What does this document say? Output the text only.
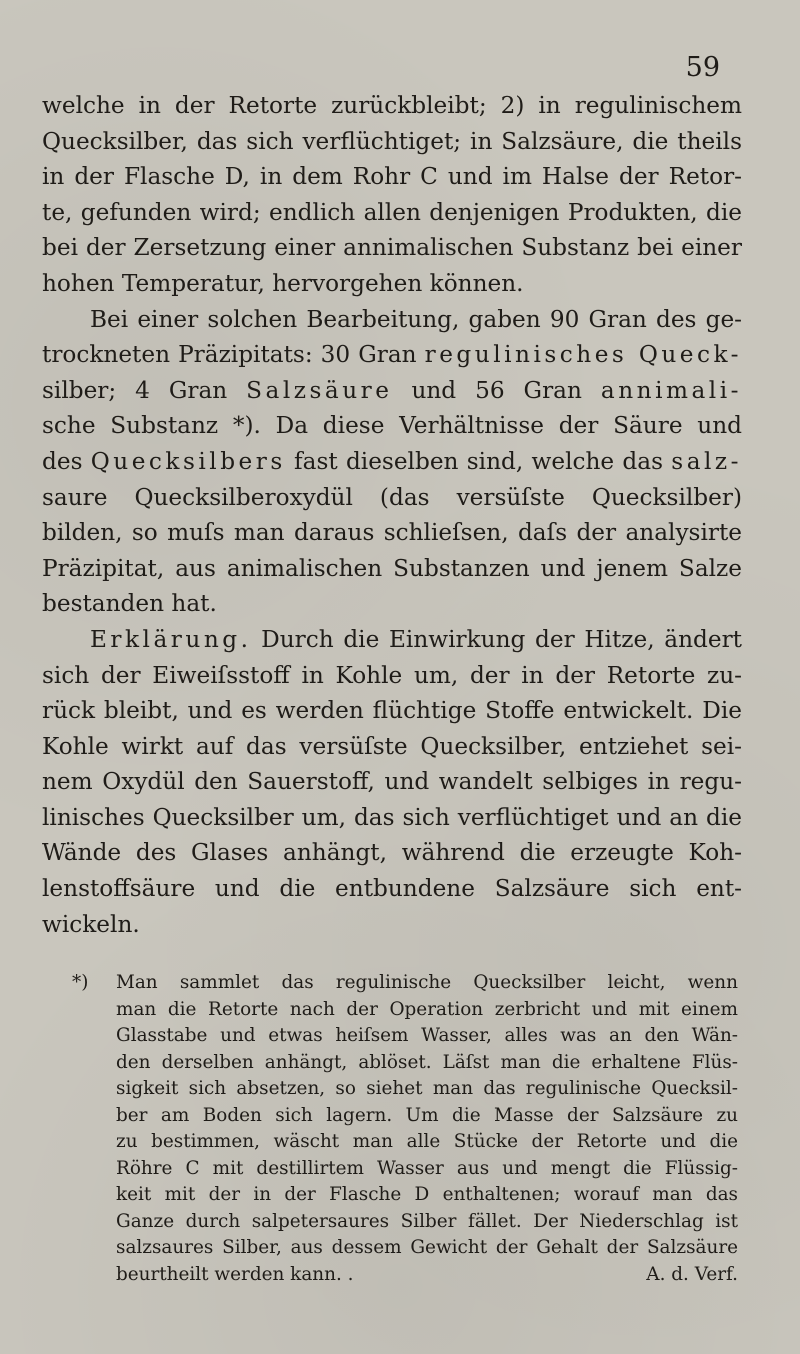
59
welche in der Retorte zurückbleibt; 2) in regulinischem
Quecksilber, das sich verflüchtiget; in Salzsäure, die theils
in der Flasche D, in dem Rohr C und im Halse der Retor-
te, gefunden wird; endlich allen denjenigen Produkten, die
bei der Zersetzung einer annimalischen Substanz bei einer
hohen Temperatur, hervorgehen können.
Bei einer solchen Bearbeitung, gaben 90 Gran des ge-
trockneten Präzipitats: 30 Gran regulinisches Queck-
silber; 4 Gran Salzsäure und 56 Gran annimali-
sche Substanz *). Da diese Verhältnisse der Säure und
des Quecksilbers fast dieselben sind, welche das salz-
saure Quecksilberoxydül (das versüſste Quecksilber)
bilden, so muſs man daraus schlieſsen, daſs der analysirte
Präzipitat, aus animalischen Substanzen und jenem Salze
bestanden hat.
Erklärung. Durch die Einwirkung der Hitze, ändert
sich der Eiweiſsstoff in Kohle um, der in der Retorte zu-
rück bleibt, und es werden flüchtige Stoffe entwickelt. Die
Kohle wirkt auf das versüſste Quecksilber, entziehet sei-
nem Oxydül den Sauerstoff, und wandelt selbiges in regu-
linisches Quecksilber um, das sich verflüchtiget und an die
Wände des Glases anhängt, während die erzeugte Koh-
lenstoffsäure und die entbundene Salzsäure sich ent-
wickeln.
*) Man sammlet das regulinische Quecksilber leicht, wenn
man die Retorte nach der Operation zerbricht und mit einem
Glasstabe und etwas heiſsem Wasser, alles was an den Wän-
den derselben anhängt, ablöset. Läſst man die erhaltene Flüs-
sigkeit sich absetzen, so siehet man das regulinische Quecksil-
ber am Boden sich lagern. Um die Masse der Salzsäure zu
zu bestimmen, wäscht man alle Stücke der Retorte und die
Röhre C mit destillirtem Wasser aus und mengt die Flüssig-
keit mit der in der Flasche D enthaltenen; worauf man das
Ganze durch salpetersaures Silber fället. Der Niederschlag ist
salzsaures Silber, aus dessem Gewicht der Gehalt der Salzsäure
beurtheilt werden kann. .	A. d. Verf.
